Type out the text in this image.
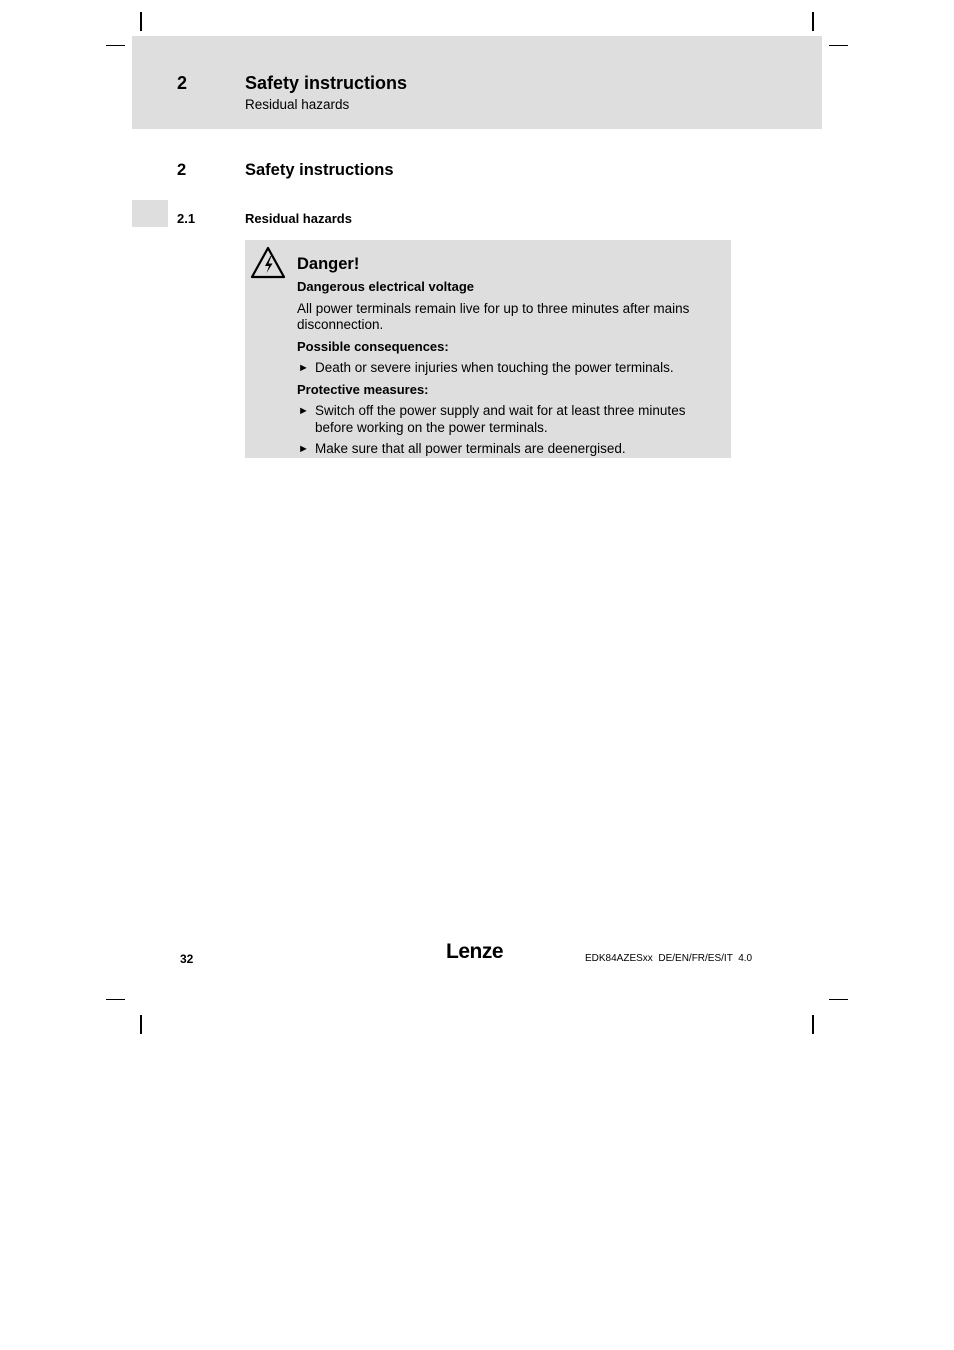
2	Safety instructions
Residual hazards
2	Safety instructions
2.1	Residual hazards
Danger!
Dangerous electrical voltage
All power terminals remain live for up to three minutes after mains disconnection.
Possible consequences:
► Death or severe injuries when touching the power terminals.
Protective measures:
► Switch off the power supply and wait for at least three minutes before working on the power terminals.
► Make sure that all power terminals are deenergised.
32	Lenze	EDK84AZESxx  DE/EN/FR/ES/IT  4.0
